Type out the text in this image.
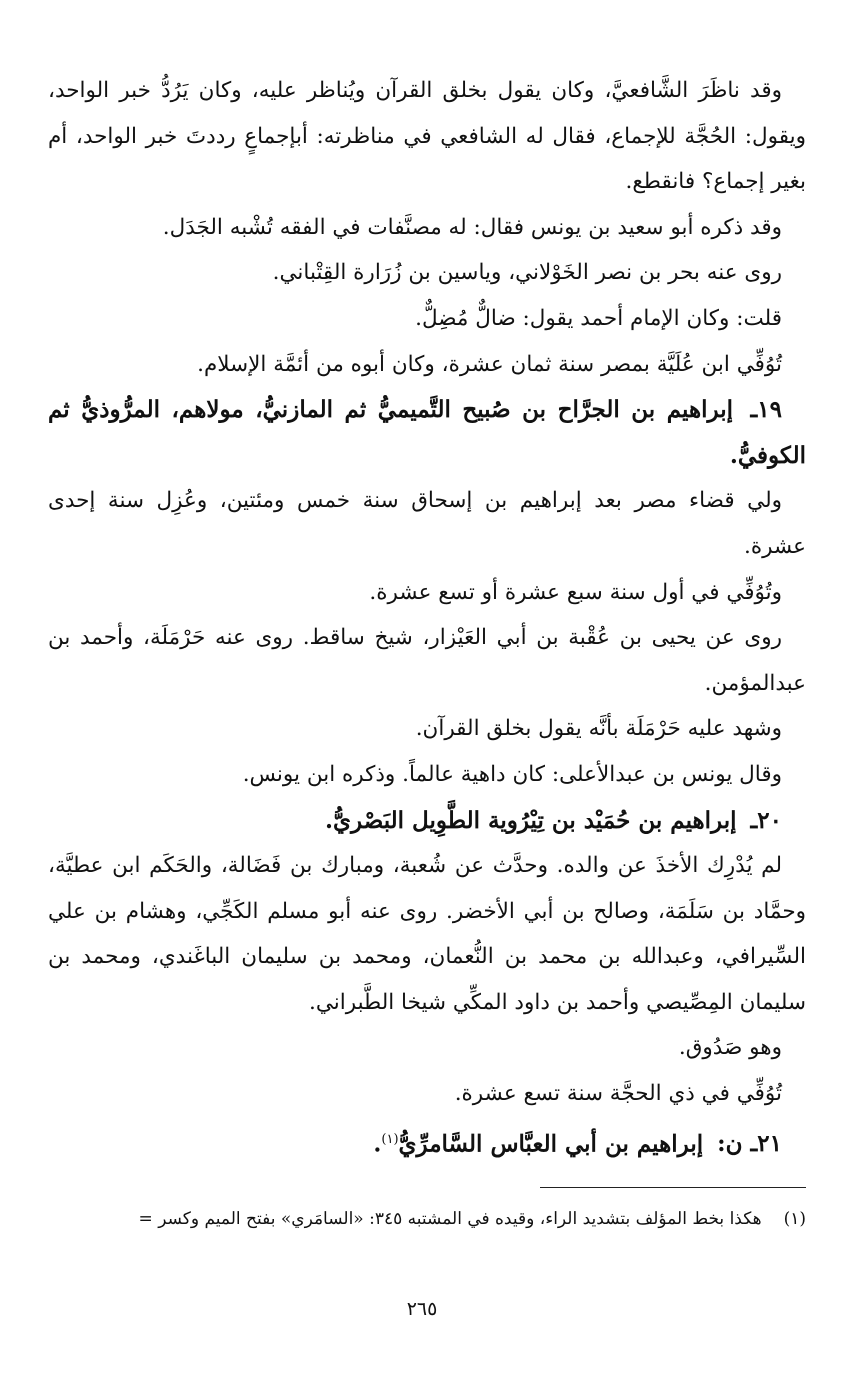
وقد ناظَرَ الشَّافعيَّ، وكان يقول بخلق القرآن ويُناظر عليه، وكان يَرُدُّ خبر الواحد، ويقول: الحُجَّة للإجماع، فقال له الشافعي في مناظرته: أبإجماعٍ رددتَ خبر الواحد، أم بغير إجماع؟ فانقطع.

وقد ذكره أبو سعيد بن يونس فقال: له مصنَّفات في الفقه تُشْبه الجَدَل.

روى عنه بحر بن نصر الخَوْلاني، وياسين بن زُرَارة القِتْباني.

قلت: وكان الإمام أحمد يقول: ضالٌّ مُضِلٌّ.

تُوُفِّي ابن عُلَيَّة بمصر سنة ثمان عشرة، وكان أبوه من أئمَّة الإسلام.

١٩ـ إبراهيم بن الجرَّاح بن صُبيح التَّميميُّ ثم المازنيُّ، مولاهم، المرُّوذيُّ ثم الكوفيُّ.

ولي قضاء مصر بعد إبراهيم بن إسحاق سنة خمس ومئتين، وعُزِل سنة إحدى عشرة.

وتُوُفِّي في أول سنة سبع عشرة أو تسع عشرة.

روى عن يحيى بن عُقْبة بن أبي العَيْزار، شيخ ساقط. روى عنه حَرْمَلَة، وأحمد بن عبدالمؤمن.

وشهد عليه حَرْمَلَة بأنَّه يقول بخلق القرآن.

وقال يونس بن عبدالأعلى: كان داهية عالماً. وذكره ابن يونس.

٢٠ـ إبراهيم بن حُمَيْد بن تِيْرُوية الطَّوِيل البَصْريُّ.

لم يُدْرِك الأخذَ عن والده. وحدَّث عن شُعبة، ومبارك بن فَضَالة، والحَكَم ابن عطيَّة، وحمَّاد بن سَلَمَة، وصالح بن أبي الأخضر. روى عنه أبو مسلم الكَجِّي، وهشام بن علي السِّيرافي، وعبدالله بن محمد بن النُّعمان، ومحمد بن سليمان الباغَندي، ومحمد بن سليمان المِصِّيصي وأحمد بن داود المكِّي شيخا الطَّبراني.

وهو صَدُوق.

تُوُفِّي في ذي الحجَّة سنة تسع عشرة.

٢١ـ ن: إبراهيم بن أبي العبَّاس السَّامرِّيُّ$^{(١)}$.

(١)هكذا بخط المؤلف بتشديد الراء، وقيده في المشتبه ٣٤٥: «السامَري» بفتح الميم وكسر =
٢٦٥
